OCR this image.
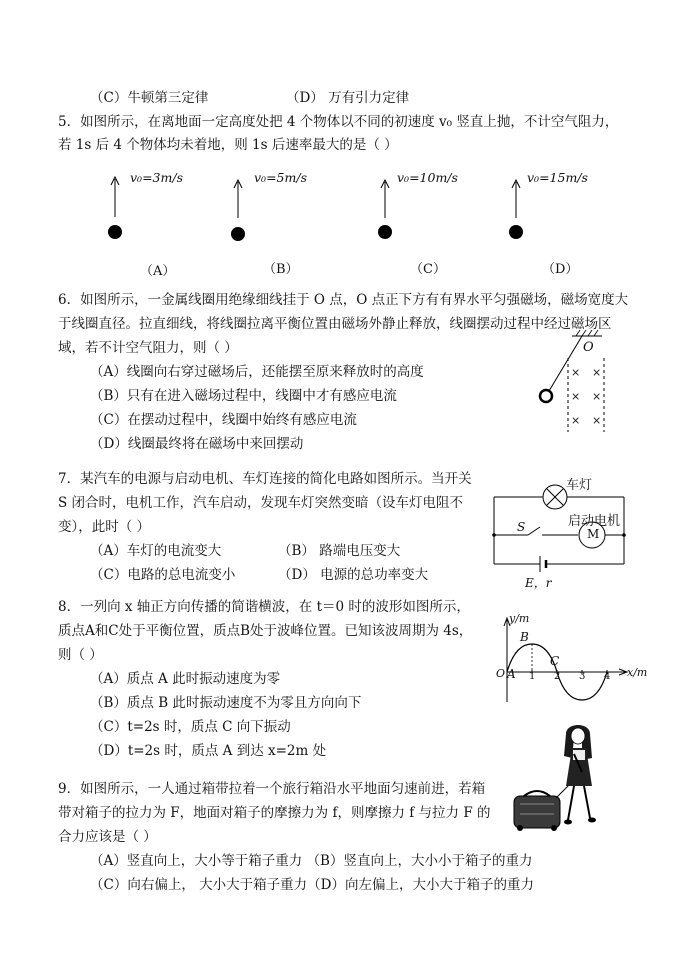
（C）牛顿第三定律	（D） 万有引力定律
5．如图所示，在离地面一定高度处把 4 个物体以不同的初速度 v₀ 竖直上抛，不计空气阻力，
若 1s 后 4 个物体均未着地，则 1s 后速率最大的是（ ）
v₀=3m/s
（A）
v₀=5m/s
（B）
v₀=10m/s
（C）
v₀=15m/s
（D）
6．如图所示，一金属线圈用绝缘细线挂于 O 点，O 点正下方有有界水平匀强磁场，磁场宽度大
于线圈直径。拉直细线，将线圈拉离平衡位置由磁场外静止释放，线圈摆动过程中经过磁场区
域，若不计空气阻力，则（ ）
（A）线圈向右穿过磁场后，还能摆至原来释放时的高度
（B）只有在进入磁场过程中，线圈中才有感应电流
（C）在摆动过程中，线圈中始终有感应电流
（D）线圈最终将在磁场中来回摆动
O
× ×
× ×
× ×
7．某汽车的电源与启动电机、车灯连接的简化电路如图所示。当开关
S 闭合时，电机工作，汽车启动，发现车灯突然变暗（设车灯电阻不
变），此时（ ）
（A）车灯的电流变大	（B） 路端电压变大
（C）电路的总电流变小	（D） 电源的总功率变大
车灯
启动电机
M
S
E，r
8．一列向 x 轴正方向传播的简谐横波，在 t＝0 时的波形如图所示，
质点A和C处于平衡位置，质点B处于波峰位置。已知该波周期为 4s，
则（ ）
（A）质点 A 此时振动速度为零
（B）质点 B 此时振动速度不为零且方向向下
（C）t=2s 时，质点 C 向下振动
（D）t=2s 时，质点 A 到达 x=2m 处
y/m
x/m
O A
B
C
1 2 3 4
9．如图所示，一人通过箱带拉着一个旅行箱沿水平地面匀速前进，若箱
带对箱子的拉力为 F，地面对箱子的摩擦力为 f，则摩擦力 f 与拉力 F 的
合力应该是（ ）
（A）竖直向上，大小等于箱子重力 （B）竖直向上，大小小于箱子的重力
（C）向右偏上， 大小大于箱子重力（D）向左偏上，大小大于箱子的重力
